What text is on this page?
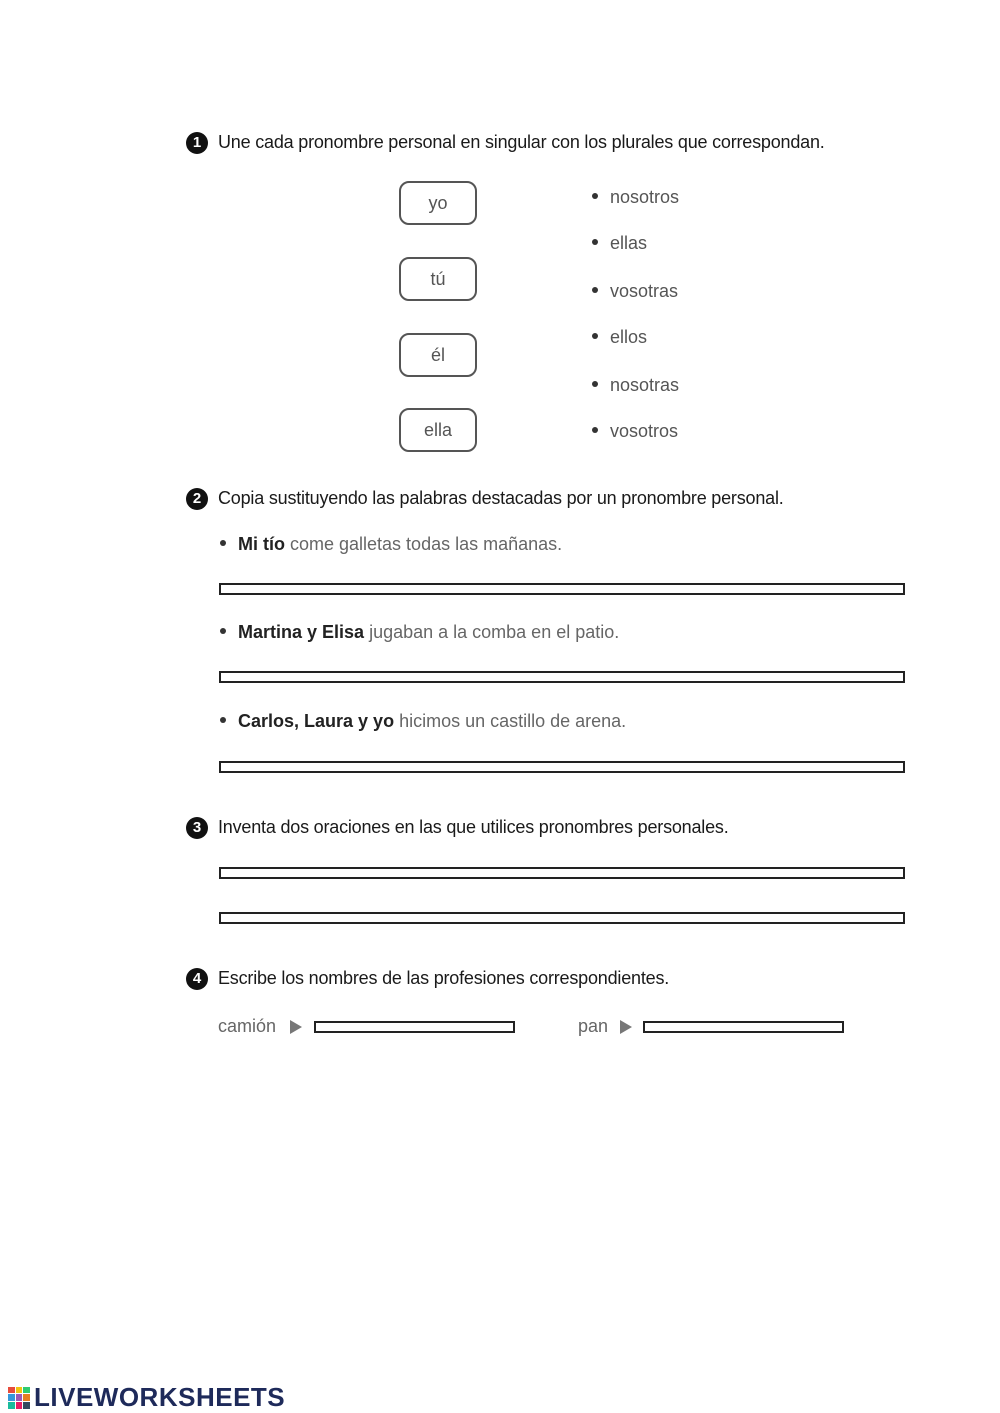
1 Une cada pronombre personal en singular con los plurales que correspondan.
yo
tú
él
ella
nosotros
ellas
vosotras
ellos
nosotras
vosotros
2 Copia sustituyendo las palabras destacadas por un pronombre personal.
Mi tío come galletas todas las mañanas.
Martina y Elisa jugaban a la comba en el patio.
Carlos, Laura y yo hicimos un castillo de arena.
3 Inventa dos oraciones en las que utilices pronombres personales.
4 Escribe los nombres de las profesiones correspondientes.
camión	pan
LIVEWORKSHEETS
